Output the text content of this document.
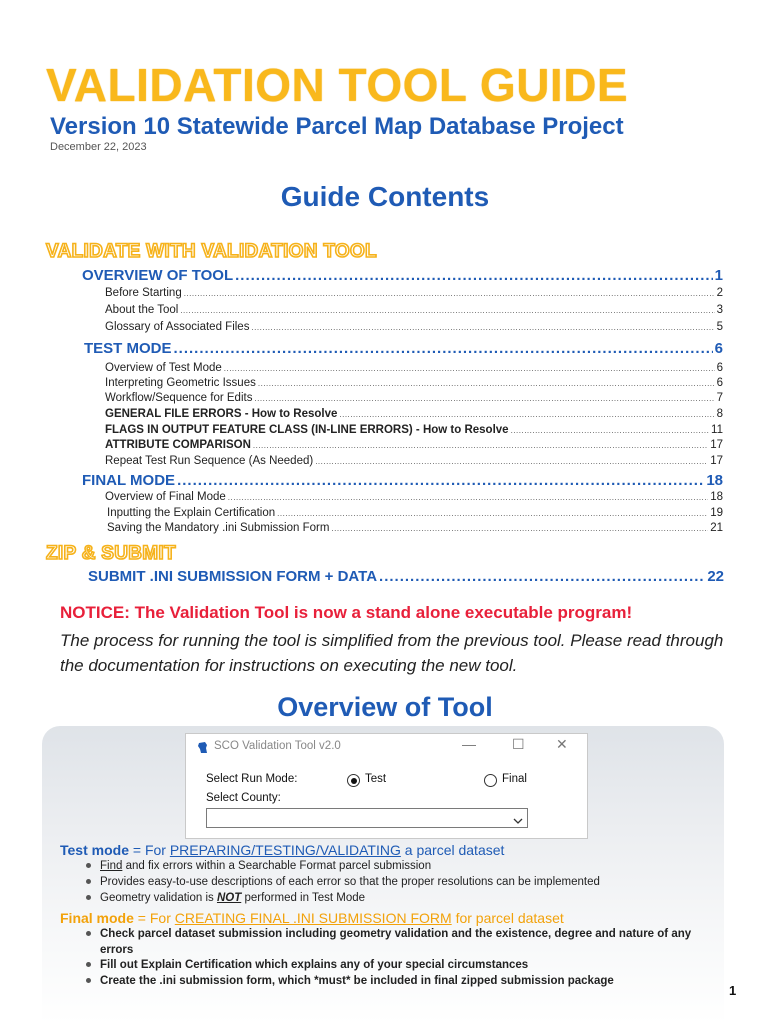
VALIDATION TOOL GUIDE
Version 10 Statewide Parcel Map Database Project
December 22, 2023
Guide Contents
VALIDATE WITH VALIDATION TOOL
OVERVIEW OF TOOL .....	1
Before Starting .....	2
About the Tool .....	3
Glossary of Associated Files .....	5
TEST MODE .....	6
Overview of Test Mode .....	6
Interpreting Geometric Issues .....	6
Workflow/Sequence for Edits .....	7
GENERAL FILE ERRORS - How to Resolve .....	8
FLAGS IN OUTPUT FEATURE CLASS (IN-LINE ERRORS) - How to Resolve .....	11
ATTRIBUTE COMPARISON .....	17
Repeat Test Run Sequence (As Needed) .....	17
FINAL MODE .....	18
Overview of Final Mode .....	18
Inputting the Explain Certification .....	19
Saving the Mandatory .ini Submission Form .....	21
ZIP & SUBMIT
SUBMIT .INI SUBMISSION FORM + DATA .....	22
NOTICE: The Validation Tool is now a stand alone executable program!
The process for running the tool is simplified from the previous tool. Please read through the documentation for instructions on executing the new tool.
Overview of Tool
SCO Validation Tool v2.0	—	☐ ✕
Select Run Mode:	Test	Final
Select County:
Test mode = For PREPARING/TESTING/VALIDATING a parcel dataset
Find and fix errors within a Searchable Format parcel submission
Provides easy-to-use descriptions of each error so that the proper resolutions can be implemented
Geometry validation is NOT performed in Test Mode
Final mode = For CREATING FINAL .INI SUBMISSION FORM for parcel dataset
Check parcel dataset submission including geometry validation and the existence, degree and nature of any
errors
Fill out Explain Certification which explains any of your special circumstances
Create the .ini submission form, which *must* be included in final zipped submission package
1
